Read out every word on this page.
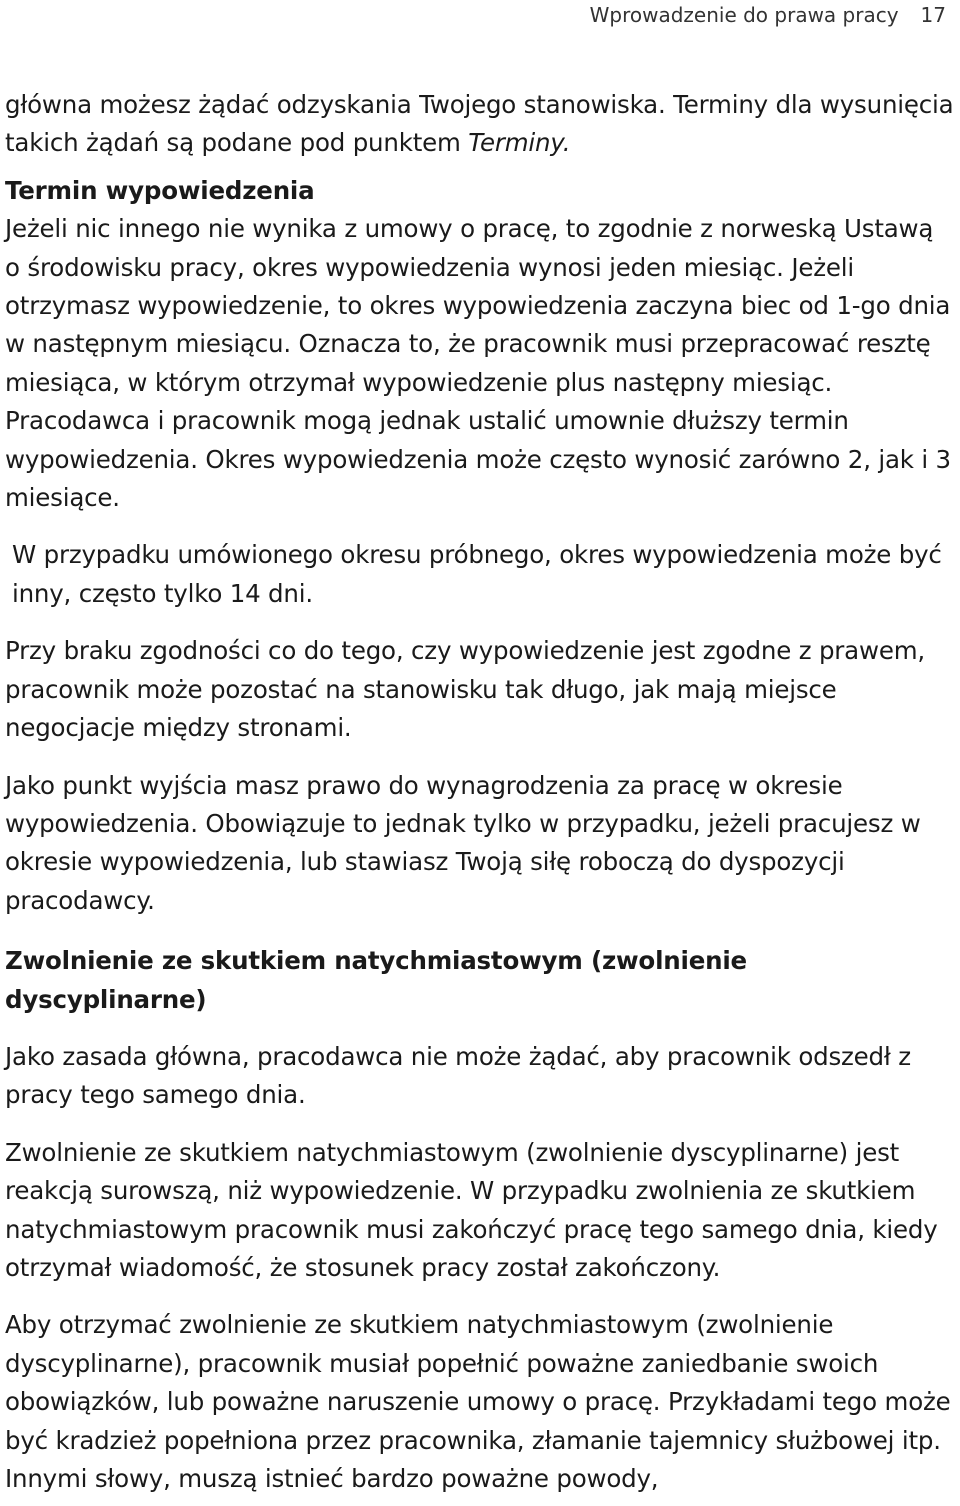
Wprowadzenie do prawa pracy 17

główna możesz żądać odzyskania Twojego stanowiska. Terminy dla wysunięcia takich żądań są podane pod punktem Terminy.

Termin wypowiedzenia

Jeżeli nic innego nie wynika z umowy o pracę, to zgodnie z norweską Ustawą o środowisku pracy, okres wypowiedzenia wynosi jeden miesiąc. Jeżeli otrzymasz wypowiedzenie, to okres wypowiedzenia zaczyna biec od 1-go dnia w następnym miesiącu. Oznacza to, że pracownik musi przepracować resztę miesiąca, w którym otrzymał wypowiedzenie plus następny miesiąc. Pracodawca i pracownik mogą jednak ustalić umownie dłuższy termin wypowiedzenia. Okres wypowiedzenia może często wynosić zarówno 2, jak i 3 miesiące.

W przypadku umówionego okresu próbnego, okres wypowiedzenia może być inny, często tylko 14 dni.

Przy braku zgodności co do tego, czy wypowiedzenie jest zgodne z prawem, pracownik może pozostać na stanowisku tak długo, jak mają miejsce negocjacje między stronami.

Jako punkt wyjścia masz prawo do wynagrodzenia za pracę w okresie wypowiedzenia. Obowiązuje to jednak tylko w przypadku, jeżeli pracujesz w okresie wypowiedzenia, lub stawiasz Twoją siłę roboczą do dyspozycji pracodawcy.

Zwolnienie ze skutkiem natychmiastowym (zwolnienie dyscyplinarne)

Jako zasada główna, pracodawca nie może żądać, aby pracownik odszedł z pracy tego samego dnia.

Zwolnienie ze skutkiem natychmiastowym (zwolnienie dyscyplinarne) jest reakcją surowszą, niż wypowiedzenie. W przypadku zwolnienia ze skutkiem natychmiastowym pracownik musi zakończyć pracę tego samego dnia, kiedy otrzymał wiadomość, że stosunek pracy został zakończony.

Aby otrzymać zwolnienie ze skutkiem natychmiastowym (zwolnienie dyscyplinarne), pracownik musiał popełnić poważne zaniedbanie swoich obowiązków, lub poważne naruszenie umowy o pracę. Przykładami tego może być kradzież popełniona przez pracownika, złamanie tajemnicy służbowej itp. Innymi słowy, muszą istnieć bardzo poważne powody,
